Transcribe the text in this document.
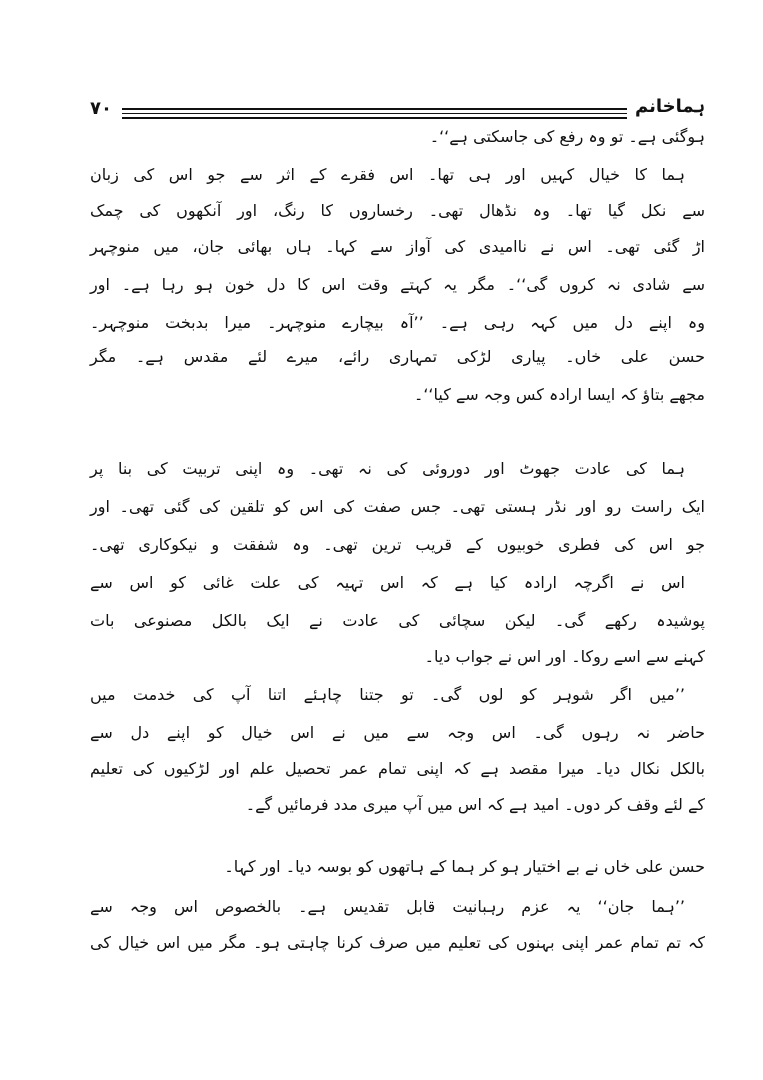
۷۰	ہماخانم
ہوگئی ہے۔ تو وہ رفع کی جاسکتی ہے‘‘۔
ہما کا خیال کہیں اور ہی تھا۔ اس فقرے کے اثر سے جو اس کی زبان
سے نکل گیا تھا۔ وہ نڈھال تھی۔ رخساروں کا رنگ، اور آنکھوں کی چمک
اڑ گئی تھی۔ اس نے ناامیدی کی آواز سے کہا۔ ہاں بھائی جان، میں منوچہر
سے شادی نہ کروں گی‘‘۔ مگر یہ کہتے وقت اس کا دل خون ہو رہا ہے۔ اور
وہ اپنے دل میں کہہ رہی ہے۔ ’’آہ بیچارے منوچہر۔ میرا بدبخت منوچہر۔
حسن علی خاں۔ پیاری لڑکی تمہاری رائے، میرے لئے مقدس ہے۔ مگر
مجھے بتاؤ کہ ایسا ارادہ کس وجہ سے کیا‘‘۔
ہما کی عادت جھوٹ اور دوروئی کی نہ تھی۔ وہ اپنی تربیت کی بنا پر
ایک راست رو اور نڈر ہستی تھی۔ جس صفت کی اس کو تلقین کی گئی تھی۔ اور
جو اس کی فطری خوبیوں کے قریب ترین تھی۔ وہ شفقت و نیکوکاری تھی۔
اس نے اگرچہ ارادہ کیا ہے کہ اس تہیہ کی علت غائی کو اس سے
پوشیدہ رکھے گی۔ لیکن سچائی کی عادت نے ایک بالکل مصنوعی بات
کہنے سے اسے روکا۔ اور اس نے جواب دیا۔
’’میں اگر شوہر کو لوں گی۔ تو جتنا چاہئے اتنا آپ کی خدمت میں
حاضر نہ رہوں گی۔ اس وجہ سے میں نے اس خیال کو اپنے دل سے
بالکل نکال دیا۔ میرا مقصد ہے کہ اپنی تمام عمر تحصیل علم اور لڑکیوں کی تعلیم
کے لئے وقف کر دوں۔ امید ہے کہ اس میں آپ میری مدد فرمائیں گے۔
حسن علی خاں نے بے اختیار ہو کر ہما کے ہاتھوں کو بوسہ دیا۔ اور کہا۔
’’ہما جان‘‘ یہ عزم رہبانیت قابل تقدیس ہے۔ بالخصوص اس وجہ سے
کہ تم تمام عمر اپنی بہنوں کی تعلیم میں صرف کرنا چاہتی ہو۔ مگر میں اس خیال کی
